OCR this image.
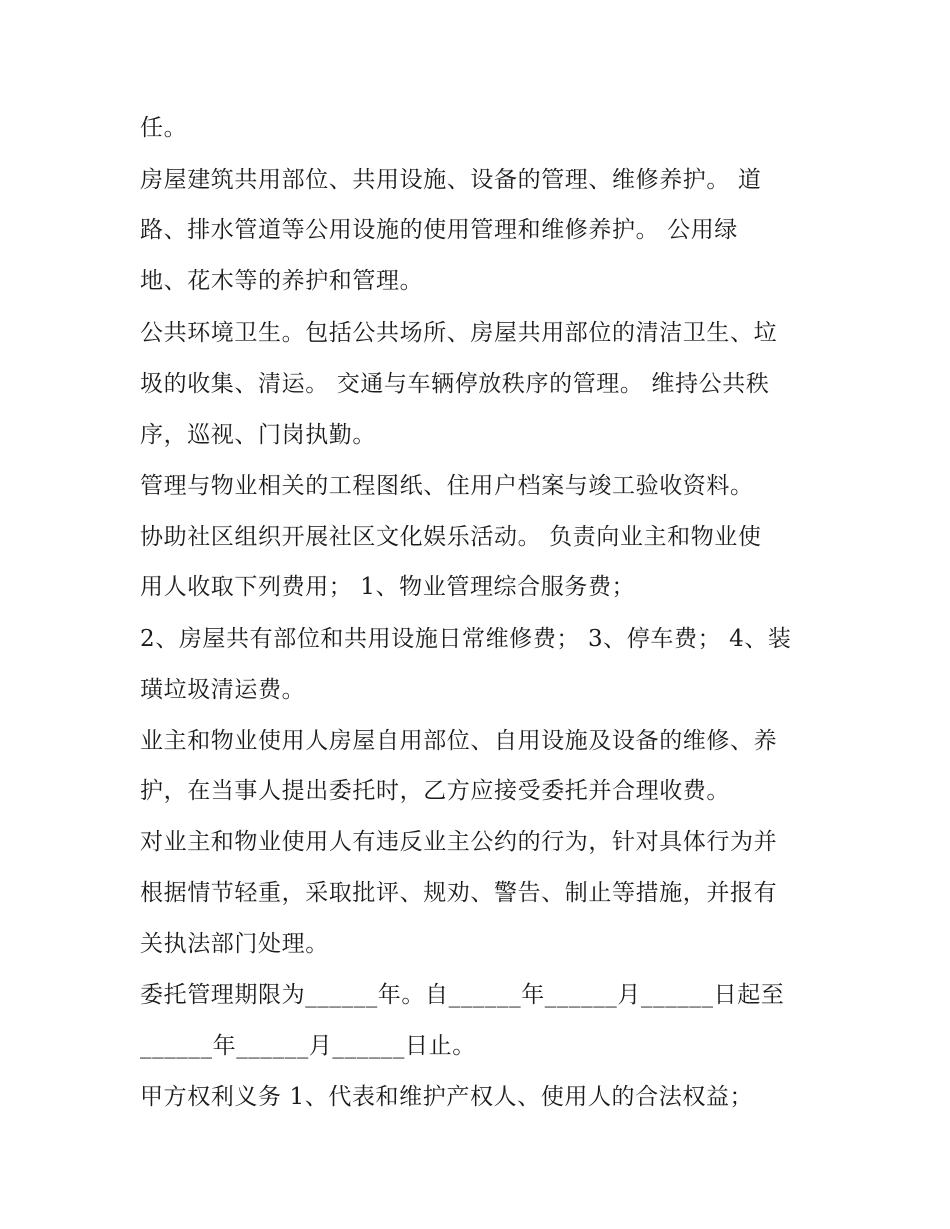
任。
房屋建筑共用部位、共用设施、设备的管理、维修养护。 道
路、排水管道等公用设施的使用管理和维修养护。 公用绿
地、花木等的养护和管理。
公共环境卫生。包括公共场所、房屋共用部位的清洁卫生、垃
圾的收集、清运。 交通与车辆停放秩序的管理。 维持公共秩
序，巡视、门岗执勤。
管理与物业相关的工程图纸、住用户档案与竣工验收资料。
协助社区组织开展社区文化娱乐活动。 负责向业主和物业使
用人收取下列费用； 1、物业管理综合服务费；
2、房屋共有部位和共用设施日常维修费； 3、停车费； 4、装
璜垃圾清运费。
业主和物业使用人房屋自用部位、自用设施及设备的维修、养
护，在当事人提出委托时，乙方应接受委托并合理收费。
对业主和物业使用人有违反业主公约的行为，针对具体行为并
根据情节轻重，采取批评、规劝、警告、制止等措施，并报有
关执法部门处理。
委托管理期限为______年。自______年______月______日起至
______年______月______日止。
甲方权利义务 1、代表和维护产权人、使用人的合法权益；
